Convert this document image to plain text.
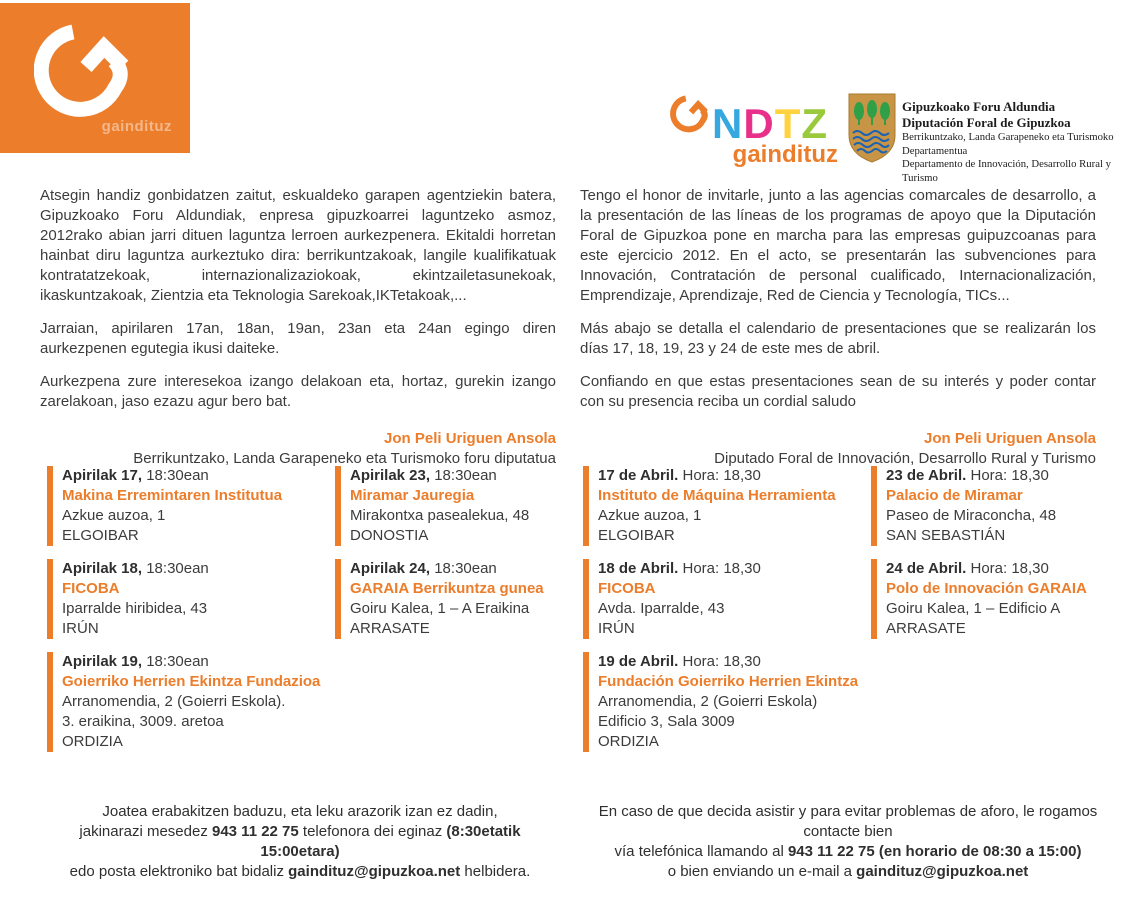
gaindituz	N D T Z
gaindituz
Gipuzkoako Foru Aldundia
Diputación Foral de Gipuzkoa
Berrikuntzako, Landa Garapeneko eta Turismoko Departamentua
Departamento de Innovación, Desarrollo Rural y Turismo

Atsegin handiz gonbidatzen zaitut, eskualdeko garapen agentziekin batera, Gipuzkoako Foru Aldundiak, enpresa gipuzkoarrei laguntzeko asmoz, 2012rako abian jarri dituen laguntza lerroen aurkezpenera. Ekitaldi horretan hainbat diru laguntza aurkeztuko dira: berrikuntzakoak, langile kualifikatuak kontratatzekoak, internazionalizaziokoak, ekintzailetasunekoak, ikaskuntzakoak, Zientzia eta Teknologia Sarekoak,IKTetakoak,...

Jarraian, apirilaren 17an, 18an, 19an, 23an eta 24an egingo diren aurkezpenen egutegia ikusi daiteke.

Aurkezpena zure interesekoa izango delakoan eta, hortaz, gurekin izango zarelakoan, jaso ezazu agur bero bat.

Jon Peli Uriguen Ansola
Berrikuntzako, Landa Garapeneko eta Turismoko foru diputatua

Tengo el honor de invitarle, junto a las agencias comarcales de desarrollo, a la presentación de las líneas de los programas de apoyo que la Diputación Foral de Gipuzkoa pone en marcha para las empresas guipuzcoanas para este ejercicio 2012. En el acto, se presentarán las subvenciones para Innovación, Contratación de personal cualificado, Internacionalización, Emprendizaje, Aprendizaje, Red de Ciencia y Tecnología, TICs...

Más abajo se detalla el calendario de presentaciones que se realizarán los días 17, 18, 19, 23 y 24 de este mes de abril.

Confiando en que estas presentaciones sean de su interés y poder contar con su presencia reciba un cordial saludo

Jon Peli Uriguen Ansola
Diputado Foral de Innovación, Desarrollo Rural y Turismo
Apirilak 17, 18:30ean
Makina Erremintaren Institutua
Azkue auzoa, 1
ELGOIBAR
Apirilak 18, 18:30ean
FICOBA
Iparralde hiribidea, 43
IRÚN
Apirilak 19, 18:30ean
Goierriko Herrien Ekintza Fundazioa
Arranomendia, 2 (Goierri Eskola).
3. eraikina, 3009. aretoa
ORDIZIA
Apirilak 23, 18:30ean
Miramar Jauregia
Mirakontxa pasealekua, 48
DONOSTIA
Apirilak 24, 18:30ean
GARAIA Berrikuntza gunea
Goiru Kalea, 1 – A Eraikina
ARRASATE
17 de Abril. Hora: 18,30
Instituto de Máquina Herramienta
Azkue auzoa, 1
ELGOIBAR
18 de Abril. Hora: 18,30
FICOBA
Avda. Iparralde, 43
IRÚN
19 de Abril. Hora: 18,30
Fundación Goierriko Herrien Ekintza
Arranomendia, 2 (Goierri Eskola)
Edificio 3, Sala 3009
ORDIZIA
23 de Abril. Hora: 18,30
Palacio de Miramar
Paseo de Miraconcha, 48
SAN SEBASTIÁN
24 de Abril. Hora: 18,30
Polo de Innovación GARAIA
Goiru Kalea, 1 – Edificio A
ARRASATE
Joatea erabakitzen baduzu, eta leku arazorik izan ez dadin,
jakinarazi mesedez 943 11 22 75 telefonora dei eginaz (8:30etatik 15:00etara)
edo posta elektroniko bat bidaliz gaindituz@gipuzkoa.net helbidera.
En caso de que decida asistir y para evitar problemas de aforo, le rogamos contacte bien
vía telefónica llamando al 943 11 22 75 (en horario de 08:30 a 15:00)
o bien enviando un e-mail a gaindituz@gipuzkoa.net
